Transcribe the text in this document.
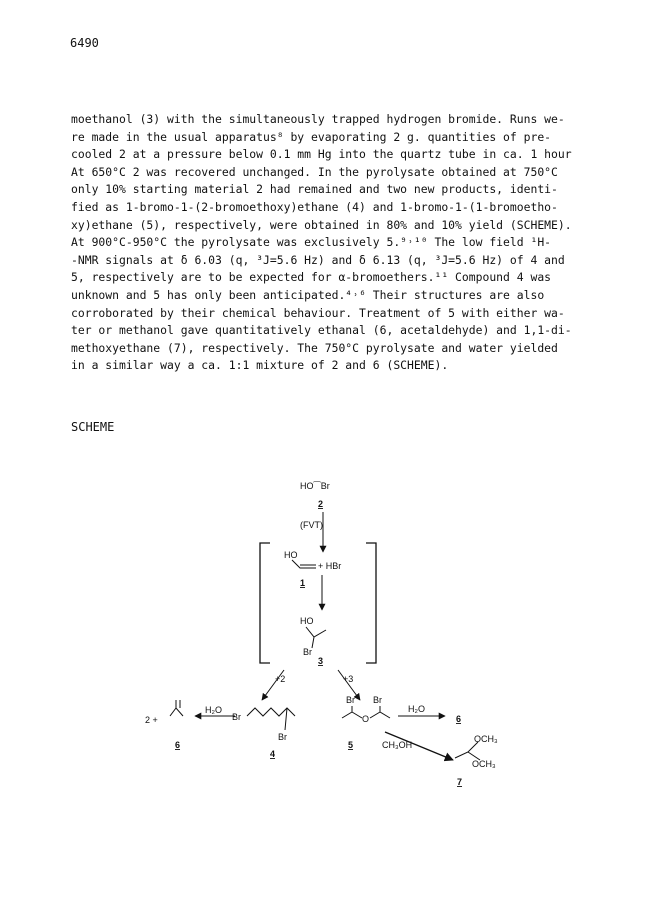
6490
moethanol (3) with the simultaneously trapped hydrogen bromide. Runs we-
re made in the usual apparatus⁸ by evaporating 2 g. quantities of pre-
cooled 2 at a pressure below 0.1 mm Hg into the quartz tube in ca. 1 hour
At 650°C 2 was recovered unchanged. In the pyrolysate obtained at 750°C
only 10% starting material 2 had remained and two new products, identi-
fied as 1-bromo-1-(2-bromoethoxy)ethane (4) and 1-bromo-1-(1-bromoetho-
xy)ethane (5), respectively, were obtained in 80% and 10% yield (SCHEME).
At 900°C-950°C the pyrolysate was exclusively 5.⁹˒¹⁰ The low field ¹H-
-NMR signals at δ 6.03 (q, ³J=5.6 Hz) and δ 6.13 (q, ³J=5.6 Hz) of 4 and
5, respectively are to be expected for α-bromoethers.¹¹ Compound 4 was
unknown and 5 has only been anticipated.⁴˒⁶ Their structures are also
corroborated by their chemical behaviour. Treatment of 5 with either wa-
ter or methanol gave quantitatively ethanal (6, acetaldehyde) and 1,1-di-
methoxyethane (7), respectively. The 750°C pyrolysate and water yielded
in a similar way a ca. 1:1 mixture of 2 and 6 (SCHEME).
SCHEME
HO⁀Br
2
(FVT)
HO
+ HBr
1
HO
Br
3
+2	+3
2 +
H₂O
6
Br
Br
4
Br Br
O
5
H₂O
6
CH₃OH
OCH₃
OCH₃
7
